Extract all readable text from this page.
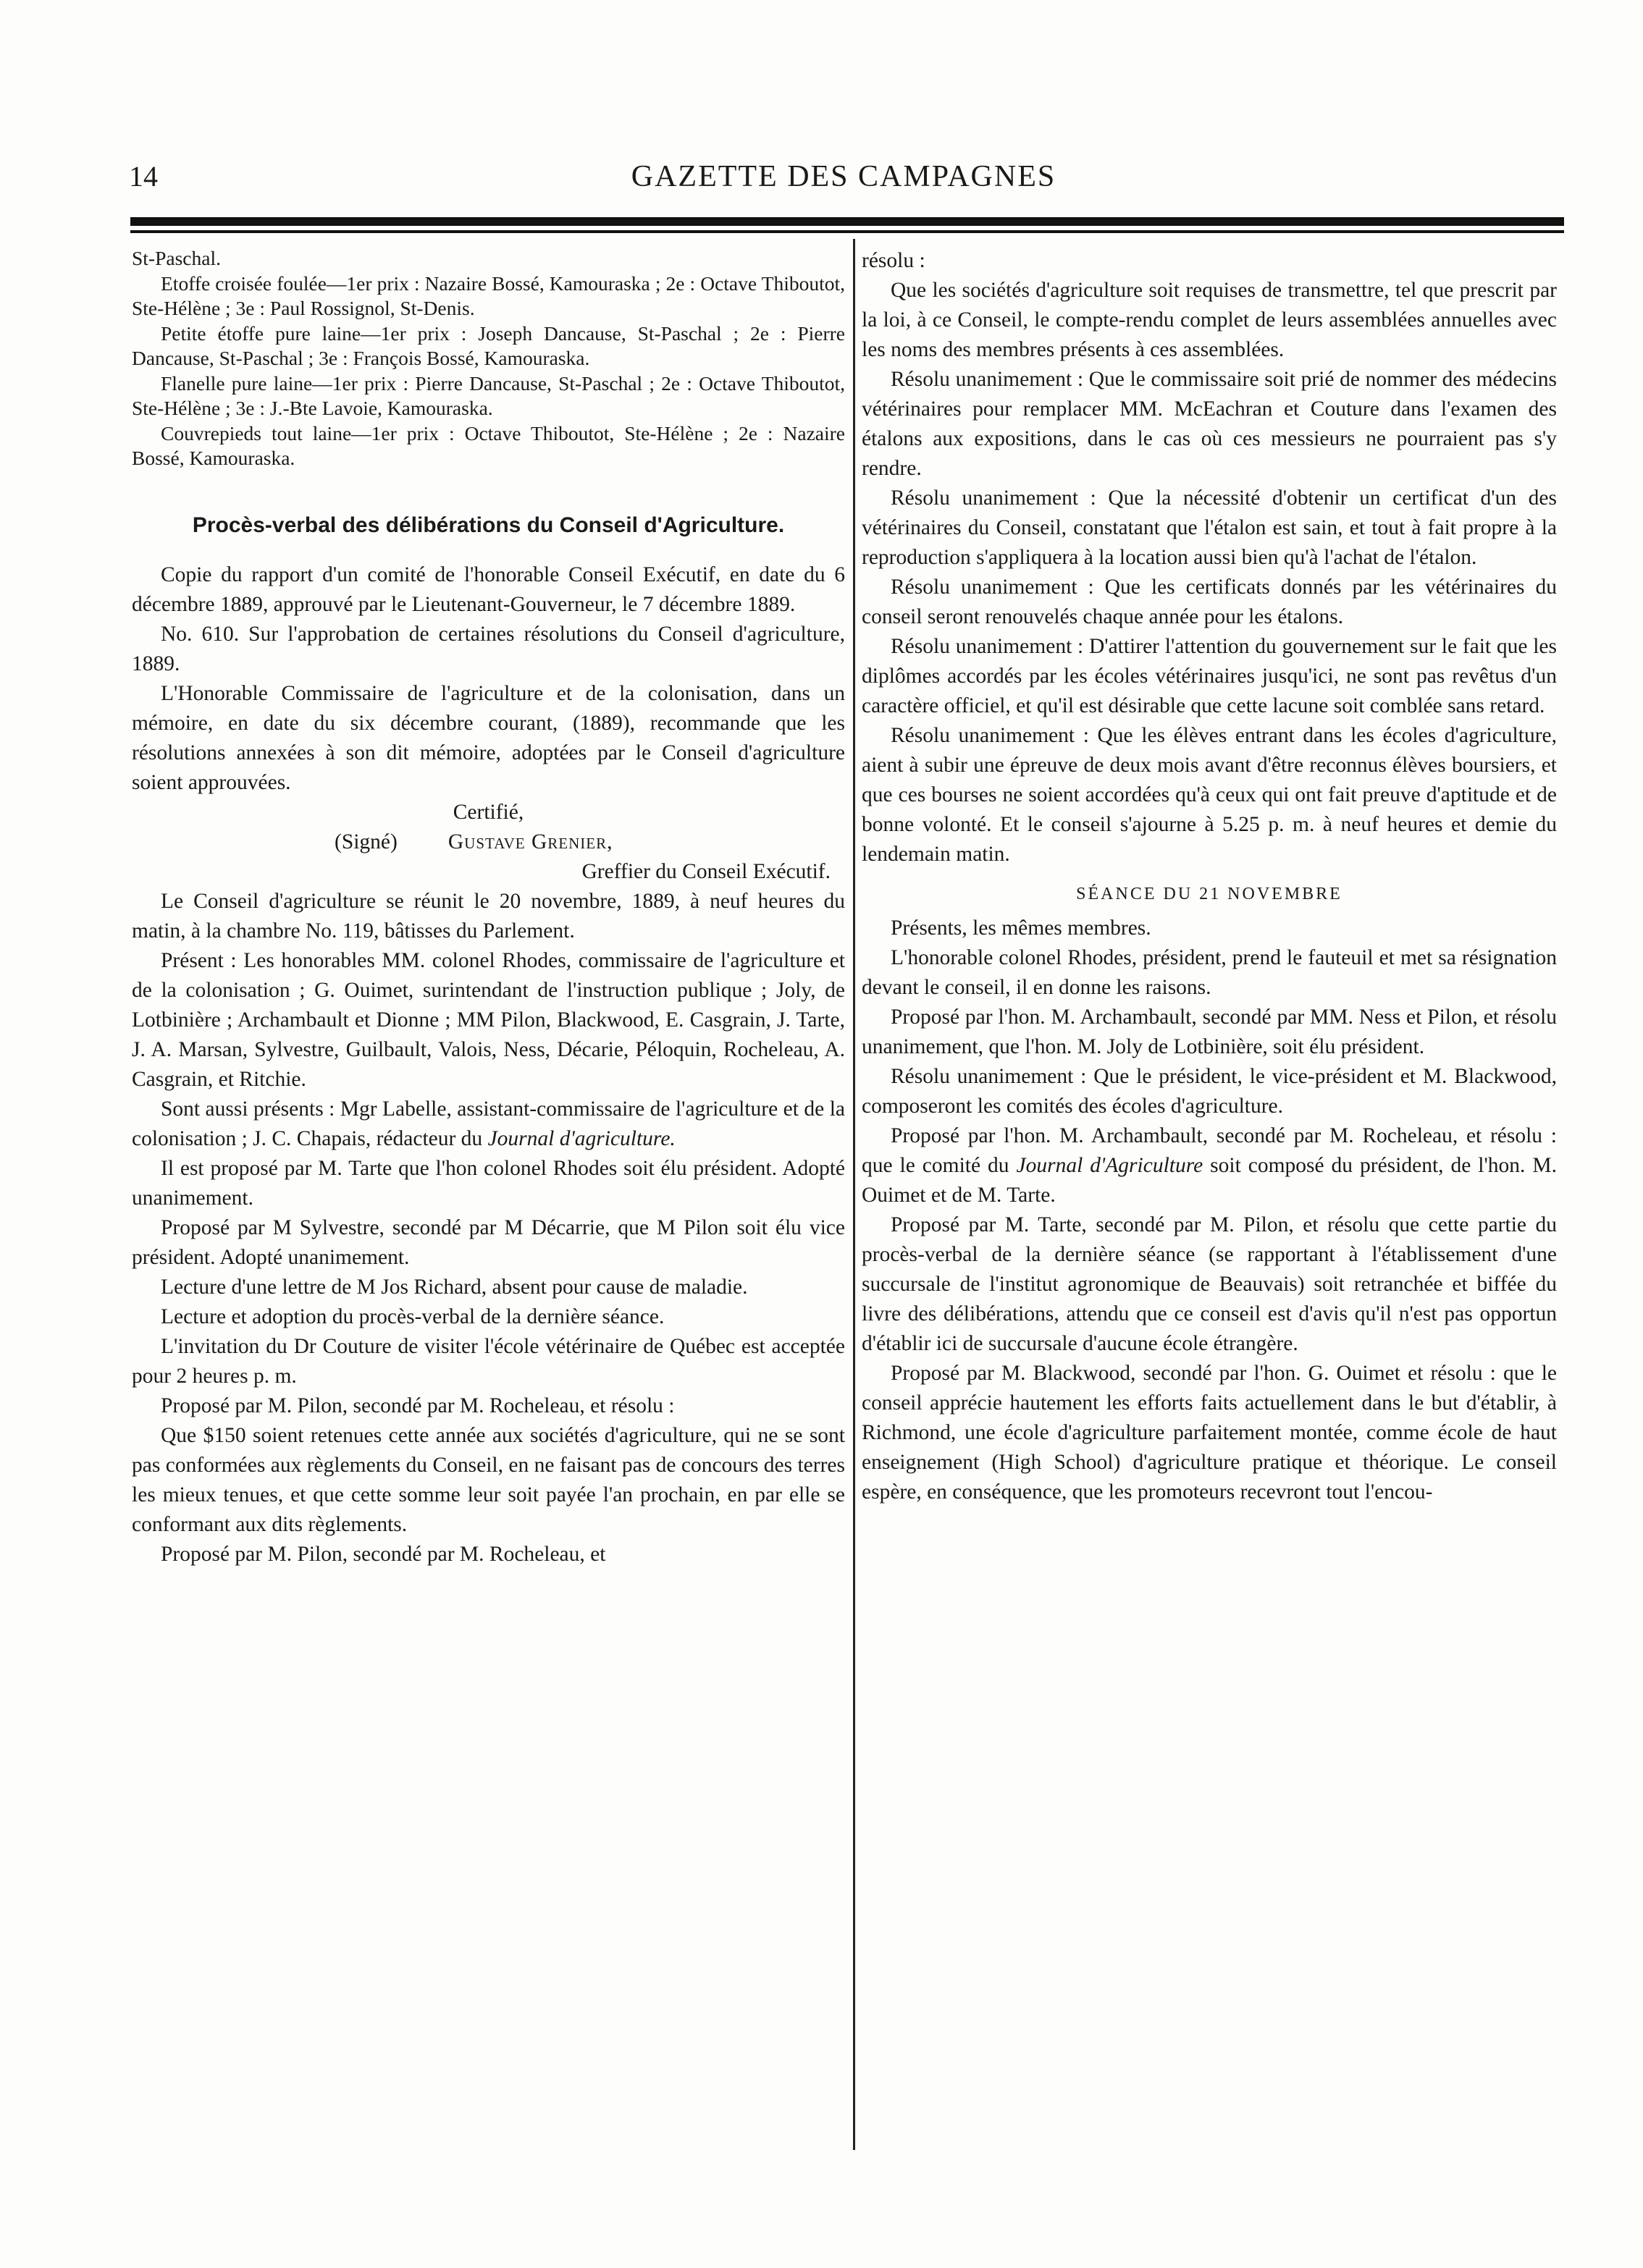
14	GAZETTE DES CAMPAGNES

St-Paschal.

Etoffe croisée foulée—1er prix : Nazaire Bossé, Kamouraska ; 2e : Octave Thiboutot, Ste-Hélène ; 3e : Paul Rossignol, St-Denis.

Petite étoffe pure laine—1er prix : Joseph Dancause, St-Paschal ; 2e : Pierre Dancause, St-Paschal ; 3e : François Bossé, Kamouraska.

Flanelle pure laine—1er prix : Pierre Dancause, St-Paschal ; 2e : Octave Thiboutot, Ste-Hélène ; 3e : J.-Bte Lavoie, Kamouraska.

Couvrepieds tout laine—1er prix : Octave Thiboutot, Ste-Hélène ; 2e : Nazaire Bossé, Kamouraska.

Procès-verbal des délibérations du Conseil d'Agriculture.

Copie du rapport d'un comité de l'honorable Conseil Exécutif, en date du 6 décembre 1889, approuvé par le Lieutenant-Gouverneur, le 7 décembre 1889.

No. 610. Sur l'approbation de certaines résolutions du Conseil d'agriculture, 1889.

L'Honorable Commissaire de l'agriculture et de la colonisation, dans un mémoire, en date du six décembre courant, (1889), recommande que les résolutions annexées à son dit mémoire, adoptées par le Conseil d'agriculture soient approuvées.

Certifié,

(Signé) Gustave Grenier,

Greffier du Conseil Exécutif.

Le Conseil d'agriculture se réunit le 20 novembre, 1889, à neuf heures du matin, à la chambre No. 119, bâtisses du Parlement.

Présent : Les honorables MM. colonel Rhodes, commissaire de l'agriculture et de la colonisation ; G. Ouimet, surintendant de l'instruction publique ; Joly, de Lotbinière ; Archambault et Dionne ; MM Pilon, Blackwood, E. Casgrain, J. Tarte, J. A. Marsan, Sylvestre, Guilbault, Valois, Ness, Décarie, Péloquin, Rocheleau, A. Casgrain, et Ritchie.

Sont aussi présents : Mgr Labelle, assistant-commissaire de l'agriculture et de la colonisation ; J. C. Chapais, rédacteur du Journal d'agriculture.

Il est proposé par M. Tarte que l'hon colonel Rhodes soit élu président. Adopté unanimement.

Proposé par M Sylvestre, secondé par M Décarrie, que M Pilon soit élu vice président. Adopté unanimement.

Lecture d'une lettre de M Jos Richard, absent pour cause de maladie.

Lecture et adoption du procès-verbal de la dernière séance.

L'invitation du Dr Couture de visiter l'école vétérinaire de Québec est acceptée pour 2 heures p. m.

Proposé par M. Pilon, secondé par M. Rocheleau, et résolu :

Que $150 soient retenues cette année aux sociétés d'agriculture, qui ne se sont pas conformées aux règlements du Conseil, en ne faisant pas de concours des terres les mieux tenues, et que cette somme leur soit payée l'an prochain, en par elle se conformant aux dits règlements.

Proposé par M. Pilon, secondé par M. Rocheleau, et

résolu :

Que les sociétés d'agriculture soit requises de transmettre, tel que prescrit par la loi, à ce Conseil, le compte-rendu complet de leurs assemblées annuelles avec les noms des membres présents à ces assemblées.

Résolu unanimement : Que le commissaire soit prié de nommer des médecins vétérinaires pour remplacer MM. McEachran et Couture dans l'examen des étalons aux expositions, dans le cas où ces messieurs ne pourraient pas s'y rendre.

Résolu unanimement : Que la nécessité d'obtenir un certificat d'un des vétérinaires du Conseil, constatant que l'étalon est sain, et tout à fait propre à la reproduction s'appliquera à la location aussi bien qu'à l'achat de l'étalon.

Résolu unanimement : Que les certificats donnés par les vétérinaires du conseil seront renouvelés chaque année pour les étalons.

Résolu unanimement : D'attirer l'attention du gouvernement sur le fait que les diplômes accordés par les écoles vétérinaires jusqu'ici, ne sont pas revêtus d'un caractère officiel, et qu'il est désirable que cette lacune soit comblée sans retard.

Résolu unanimement : Que les élèves entrant dans les écoles d'agriculture, aient à subir une épreuve de deux mois avant d'être reconnus élèves boursiers, et que ces bourses ne soient accordées qu'à ceux qui ont fait preuve d'aptitude et de bonne volonté. Et le conseil s'ajourne à 5.25 p. m. à neuf heures et demie du lendemain matin.

SÉANCE DU 21 NOVEMBRE

Présents, les mêmes membres.

L'honorable colonel Rhodes, président, prend le fauteuil et met sa résignation devant le conseil, il en donne les raisons.

Proposé par l'hon. M. Archambault, secondé par MM. Ness et Pilon, et résolu unanimement, que l'hon. M. Joly de Lotbinière, soit élu président.

Résolu unanimement : Que le président, le vice-président et M. Blackwood, composeront les comités des écoles d'agriculture.

Proposé par l'hon. M. Archambault, secondé par M. Rocheleau, et résolu : que le comité du Journal d'Agriculture soit composé du président, de l'hon. M. Ouimet et de M. Tarte.

Proposé par M. Tarte, secondé par M. Pilon, et résolu que cette partie du procès-verbal de la dernière séance (se rapportant à l'établissement d'une succursale de l'institut agronomique de Beauvais) soit retranchée et biffée du livre des délibérations, attendu que ce conseil est d'avis qu'il n'est pas opportun d'établir ici de succursale d'aucune école étrangère.

Proposé par M. Blackwood, secondé par l'hon. G. Ouimet et résolu : que le conseil apprécie hautement les efforts faits actuellement dans le but d'établir, à Richmond, une école d'agriculture parfaitement montée, comme école de haut enseignement (High School) d'agriculture pratique et théorique. Le conseil espère, en conséquence, que les promoteurs recevront tout l'encou-
